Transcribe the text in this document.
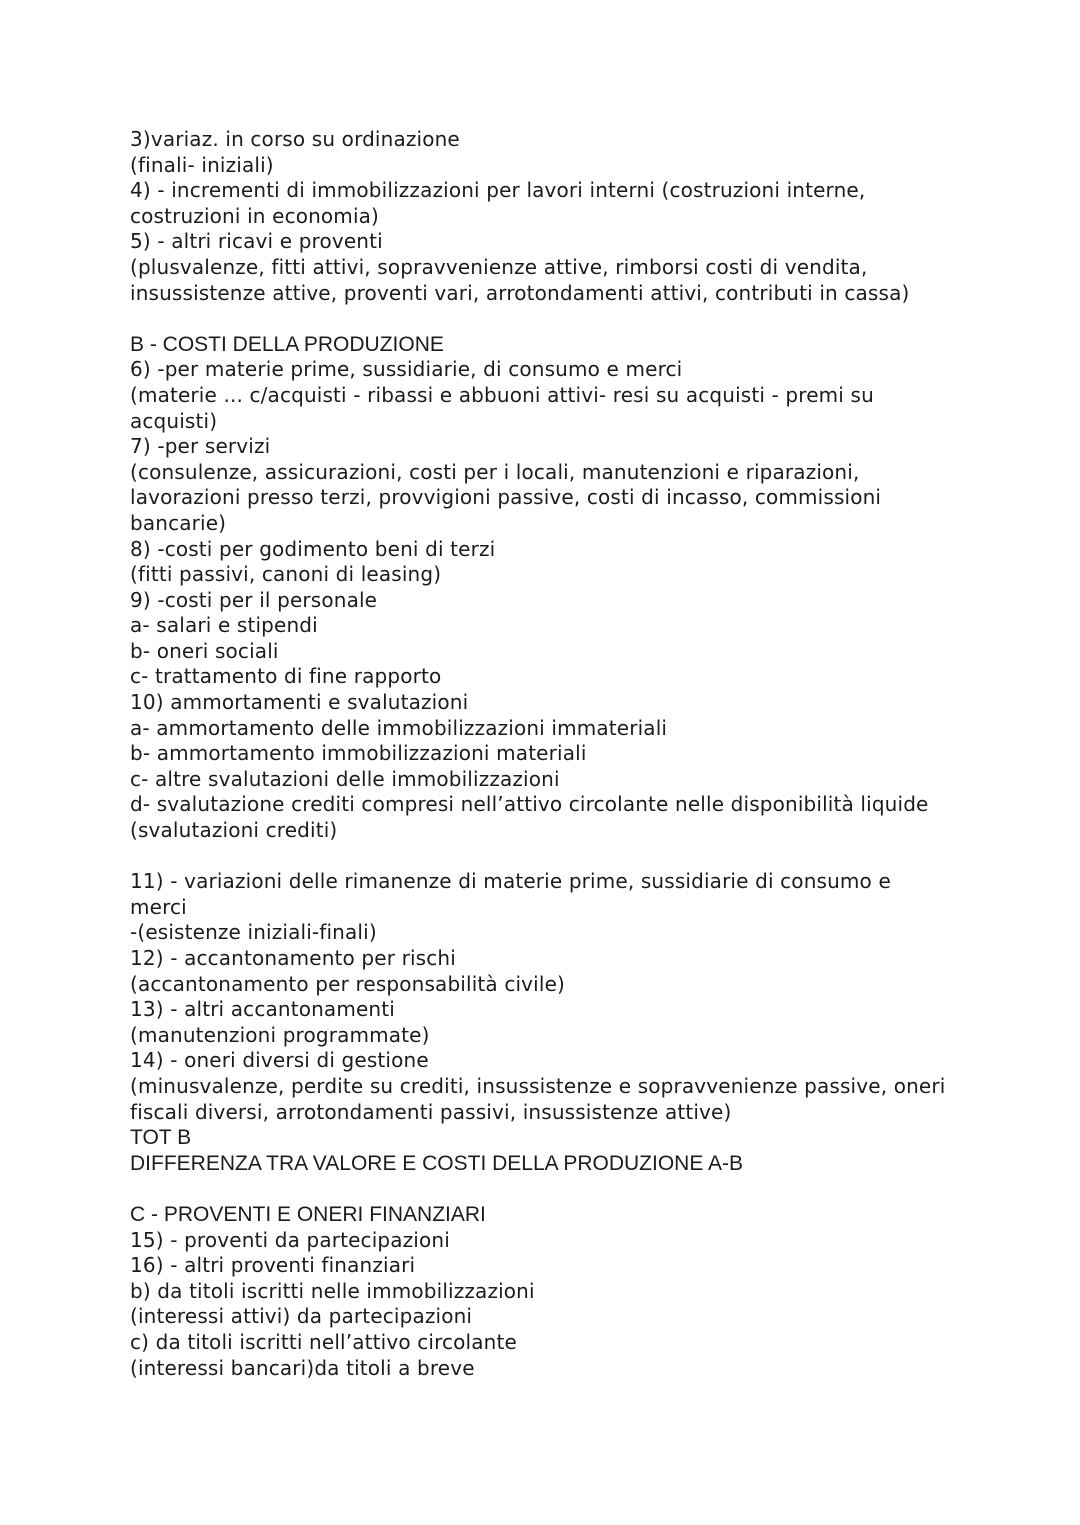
3)variaz. in corso su ordinazione
(finali- iniziali)
4) - incrementi di immobilizzazioni per lavori interni (costruzioni interne,
costruzioni in economia)
5) - altri ricavi e proventi
(plusvalenze, fitti attivi, sopravvenienze attive, rimborsi costi di vendita,
insussistenze attive, proventi vari, arrotondamenti attivi, contributi in cassa)
B - COSTI DELLA PRODUZIONE
6) -per materie prime, sussidiarie, di consumo e merci
(materie ... c/acquisti - ribassi e abbuoni attivi- resi su acquisti - premi su
acquisti)
7) -per servizi
(consulenze, assicurazioni, costi per i locali, manutenzioni e riparazioni,
lavorazioni presso terzi, provvigioni passive, costi di incasso, commissioni
bancarie)
8) -costi per godimento beni di terzi
(fitti passivi, canoni di leasing)
9) -costi per il personale
a- salari e stipendi
b- oneri sociali
c- trattamento di fine rapporto
10) ammortamenti e svalutazioni
a- ammortamento delle immobilizzazioni immateriali
b- ammortamento immobilizzazioni materiali
c- altre svalutazioni delle immobilizzazioni
d- svalutazione crediti compresi nell’attivo circolante nelle disponibilità liquide
(svalutazioni crediti)
11) - variazioni delle rimanenze di materie prime, sussidiarie di consumo e
merci
-(esistenze iniziali-finali)
12) - accantonamento per rischi
(accantonamento per responsabilità civile)
13) - altri accantonamenti
(manutenzioni programmate)
14) - oneri diversi di gestione
(minusvalenze, perdite su crediti, insussistenze e sopravvenienze passive, oneri
fiscali diversi, arrotondamenti passivi, insussistenze attive)
TOT B
DIFFERENZA TRA VALORE E COSTI DELLA PRODUZIONE A-B
C - PROVENTI E ONERI FINANZIARI
15) - proventi da partecipazioni
16) - altri proventi finanziari
b) da titoli iscritti nelle immobilizzazioni
(interessi attivi) da partecipazioni
c) da titoli iscritti nell’attivo circolante
(interessi bancari)da titoli a breve
